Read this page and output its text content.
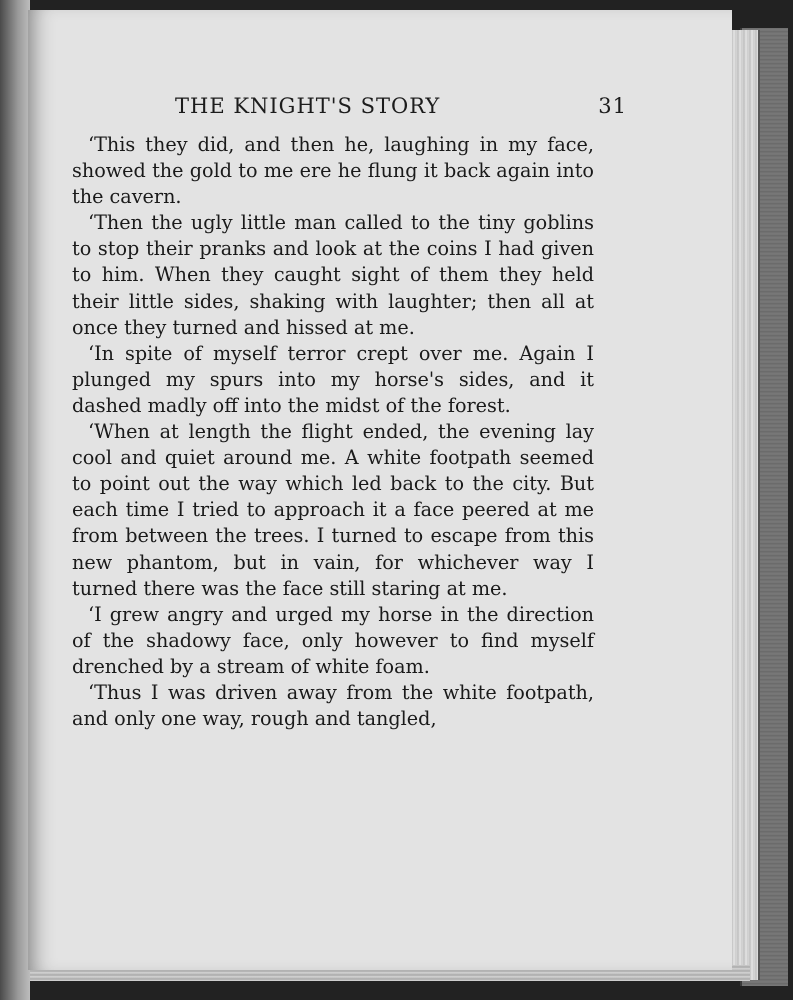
THE KNIGHT'S STORY	31

‘This they did, and then he, laughing in my face, showed the gold to me ere he flung it back again into the cavern.

‘Then the ugly little man called to the tiny goblins to stop their pranks and look at the coins I had given to him. When they caught sight of them they held their little sides, shaking with laughter; then all at once they turned and hissed at me.

‘In spite of myself terror crept over me. Again I plunged my spurs into my horse's sides, and it dashed madly off into the midst of the forest.

‘When at length the flight ended, the evening lay cool and quiet around me. A white footpath seemed to point out the way which led back to the city. But each time I tried to approach it a face peered at me from between the trees. I turned to escape from this new phantom, but in vain, for whichever way I turned there was the face still staring at me.

‘I grew angry and urged my horse in the direction of the shadowy face, only however to find myself drenched by a stream of white foam.

‘Thus I was driven away from the white footpath, and only one way, rough and tangled,
